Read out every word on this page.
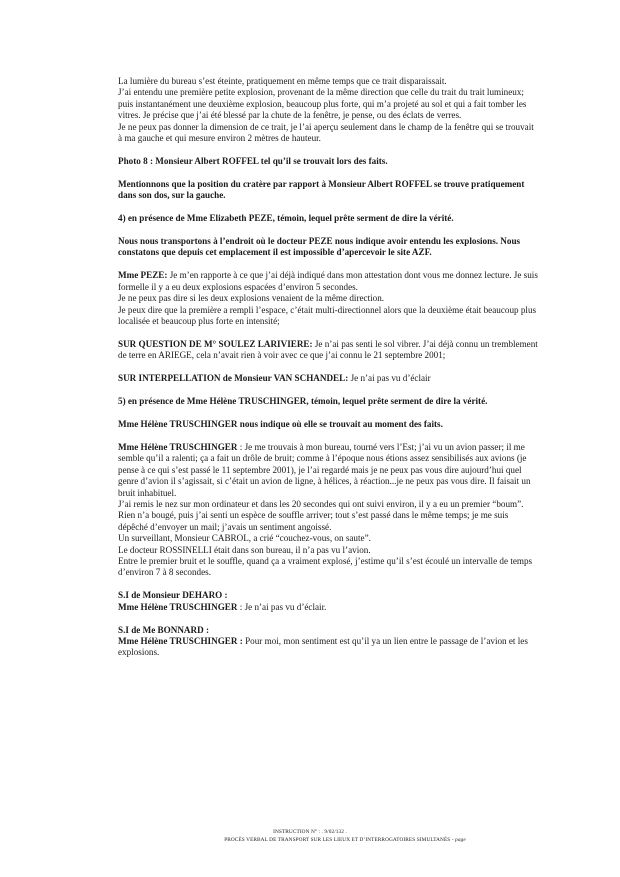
La lumière du bureau s’est éteinte, pratiquement en même temps que ce trait disparaissait.

J’ai entendu une première petite explosion, provenant de la même direction que celle du trait du trait lumineux; puis instantanément une deuxième explosion, beaucoup plus forte, qui m’a projeté au sol et qui a fait tomber les vitres. Je précise que j’ai été blessé par la chute de la fenêtre, je pense, ou des éclats de verres.

Je ne peux pas donner la dimension de ce trait, je l’ai aperçu seulement dans le champ de la fenêtre qui se trouvait à ma gauche et qui mesure environ 2 mètres de hauteur.

Photo 8 : Monsieur Albert ROFFEL tel qu’il se trouvait lors des faits.

Mentionnons que la position du cratère par rapport à Monsieur Albert ROFFEL se trouve pratiquement dans son dos, sur la gauche.

4) en présence de Mme Elizabeth PEZE, témoin, lequel prête serment de dire la vérité.

Nous nous transportons à l’endroit où le docteur PEZE nous indique avoir entendu les explosions. Nous constatons que depuis cet emplacement il est impossible d’apercevoir le site AZF.

Mme PEZE: Je m’en rapporte à ce que j’ai déjà indiqué dans mon attestation dont vous me donnez lecture. Je suis formelle il y a eu deux explosions espacées d’environ 5 secondes.

Je ne peux pas dire si les deux explosions venaient de la même direction.

Je peux dire que la première a rempli l’espace, c’était multi-directionnel alors que la deuxième était beaucoup plus localisée et beaucoup plus forte en intensité;

SUR QUESTION DE M° SOULEZ LARIVIERE: Je n’ai pas senti le sol vibrer. J’ai déjà connu un tremblement de terre en ARIEGE, cela n’avait rien à voir avec ce que j’ai connu le 21 septembre 2001;

SUR INTERPELLATION de Monsieur VAN SCHANDEL: Je n’ai pas vu d’éclair

5) en présence de Mme Hélène TRUSCHINGER, témoin, lequel prête serment de dire la vérité.

Mme Hélène TRUSCHINGER nous indique où elle se trouvait au moment des faits.

Mme Hélène TRUSCHINGER : Je me trouvais à mon bureau, tourné vers l’Est; j’ai vu un avion passer; il me semble qu’il a ralenti; ça a fait un drôle de bruit; comme à l’époque nous étions assez sensibilisés aux avions (je pense à ce qui s’est passé le 11 septembre 2001), je l’ai regardé mais je ne peux pas vous dire aujourd’hui quel genre d’avion il s’agissait, si c’était un avion de ligne, à hélices, à réaction...je ne peux pas vous dire. Il faisait un bruit inhabituel.

J’ai remis le nez sur mon ordinateur et dans les 20 secondes qui ont suivi environ, il y a eu un premier “boum”. Rien n’a bougé, puis j’ai senti un espèce de souffle arriver; tout s’est passé dans le même temps; je me suis dépêché d’envoyer un mail; j’avais un sentiment angoissé.

Un surveillant, Monsieur CABROL, a crié “couchez-vous, on saute”.

Le docteur ROSSINELLI était dans son bureau, il n’a pas vu l’avion.

Entre le premier bruit et le souffle, quand ça a vraiment explosé, j’estime qu’il s’est écoulé un intervalle de temps d’environ 7 à 8 secondes.

S.I de Monsieur DEHARO :

Mme Hélène TRUSCHINGER : Je n’ai pas vu d’éclair.

S.I de Me BONNARD :

Mme Hélène TRUSCHINGER : Pour moi, mon sentiment est qu’il ya un lien entre le passage de l’avion et les explosions.

INSTRUCTION N° : . 9/02/132 .
PROCÈS VERBAL DE TRANSPORT SUR LES LIEUX ET D’INTERROGATOIRES SIMULTANÉS - page
